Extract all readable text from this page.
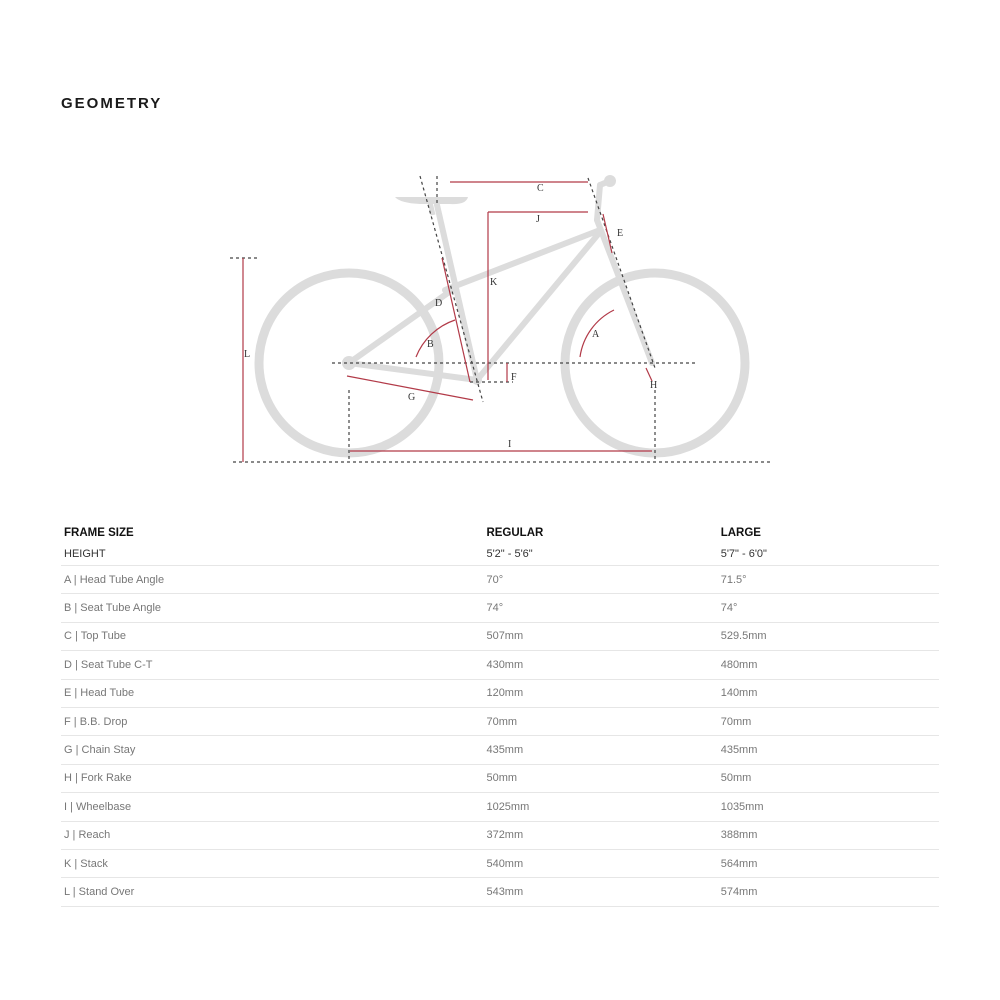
GEOMETRY
A
B
C
D
E
F
G
H
I
J
K
L
FRAME SIZE	REGULAR	LARGE
HEIGHT	5'2" - 5'6"	5'7" - 6'0"
A | Head Tube Angle	70°	71.5°
B | Seat Tube Angle	74°	74°
C | Top Tube	507mm	529.5mm
D | Seat Tube C-T	430mm	480mm
E | Head Tube	120mm	140mm
F | B.B. Drop	70mm	70mm
G | Chain Stay	435mm	435mm
H | Fork Rake	50mm	50mm
I | Wheelbase	1025mm	1035mm
J | Reach	372mm	388mm
K | Stack	540mm	564mm
L | Stand Over	543mm	574mm
